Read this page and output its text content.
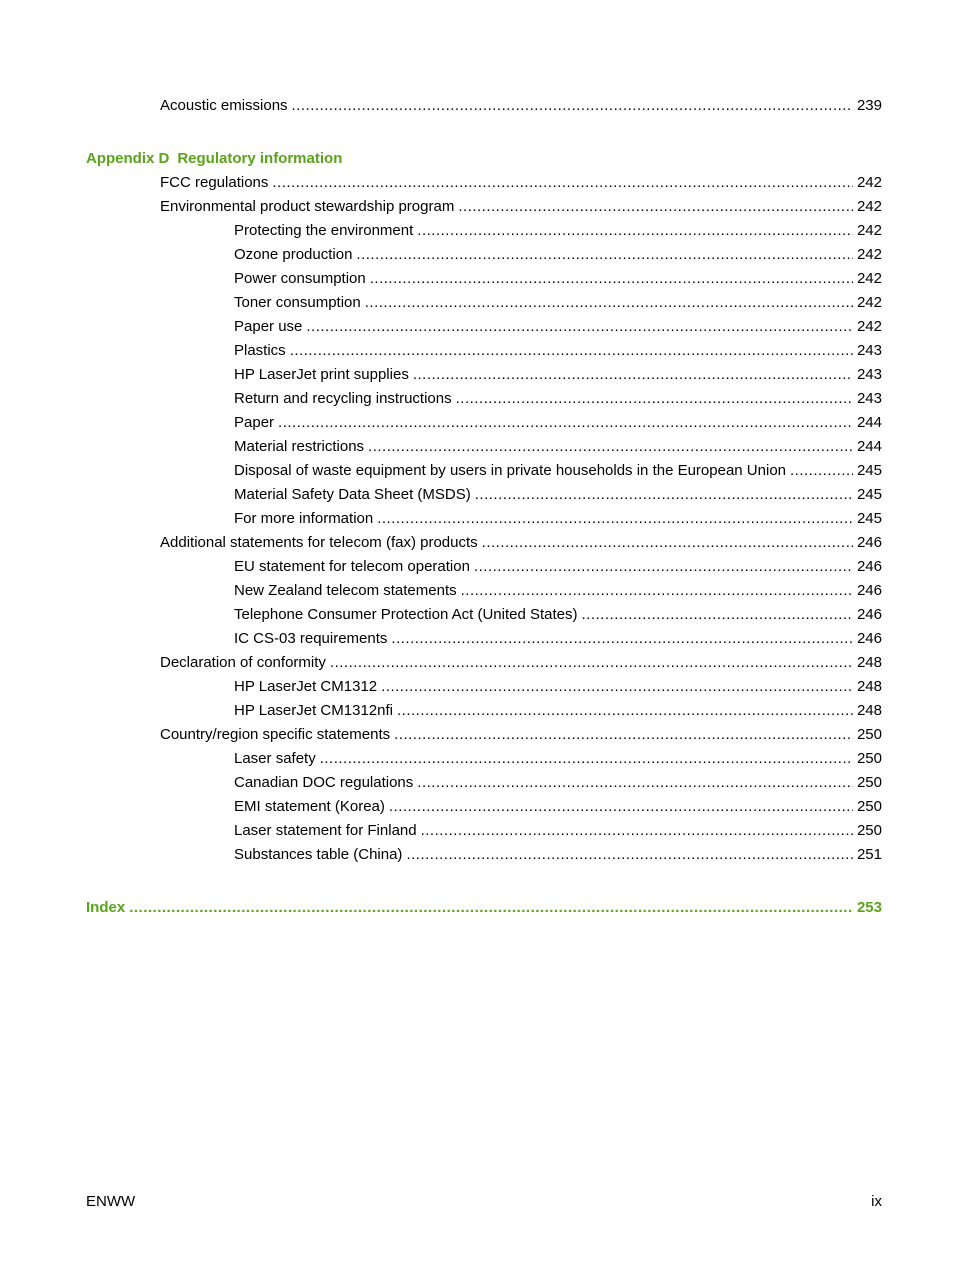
Acoustic emissions .....	239
Appendix D Regulatory information
FCC regulations .....	242
Environmental product stewardship program .....	242
Protecting the environment .....	242
Ozone production .....	242
Power consumption .....	242
Toner consumption .....	242
Paper use .....	242
Plastics .....	243
HP LaserJet print supplies .....	243
Return and recycling instructions .....	243
Paper .....	244
Material restrictions .....	244
Disposal of waste equipment by users in private households in the European Union .....	245
Material Safety Data Sheet (MSDS) .....	245
For more information .....	245
Additional statements for telecom (fax) products .....	246
EU statement for telecom operation .....	246
New Zealand telecom statements .....	246
Telephone Consumer Protection Act (United States) .....	246
IC CS-03 requirements .....	246
Declaration of conformity .....	248
HP LaserJet CM1312 .....	248
HP LaserJet CM1312nfi .....	248
Country/region specific statements .....	250
Laser safety .....	250
Canadian DOC regulations .....	250
EMI statement (Korea) .....	250
Laser statement for Finland .....	250
Substances table (China) .....	251
Index .....	253
ENWW	ix
